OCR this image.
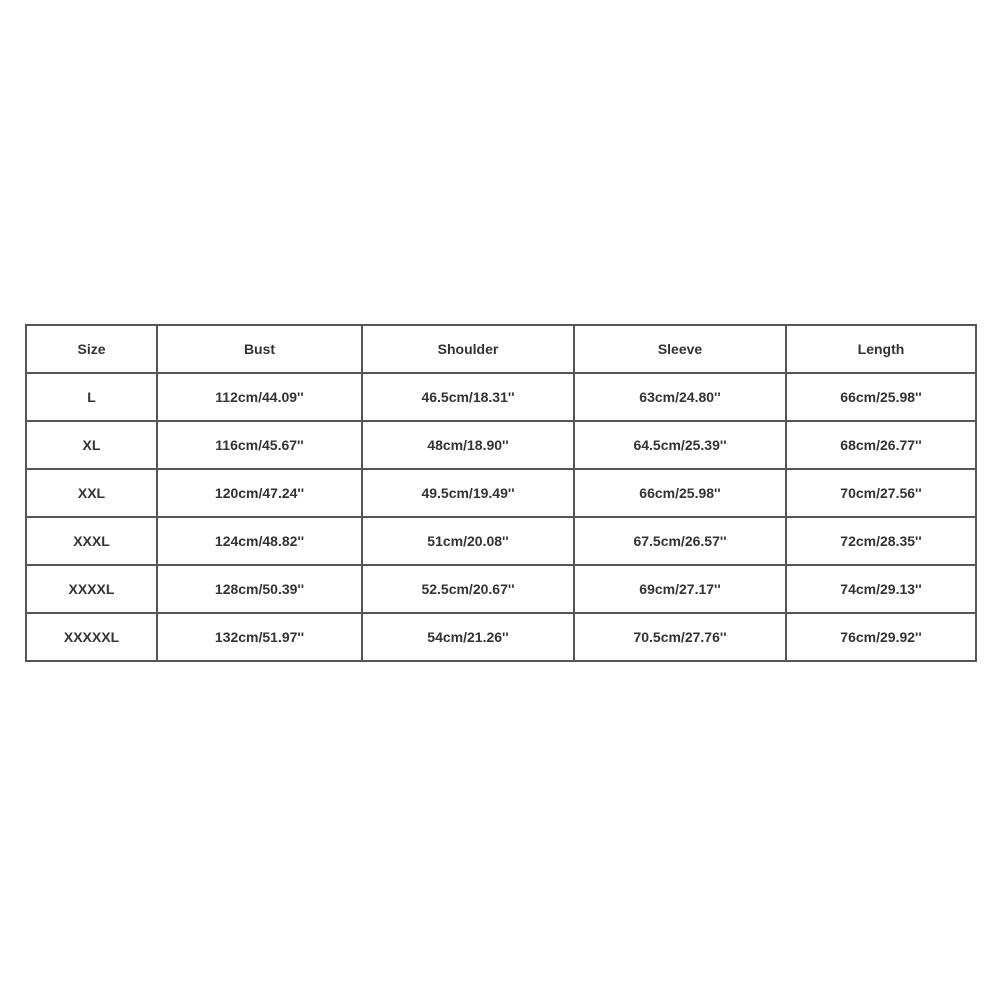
Size	Bust	Shoulder	Sleeve	Length
L	112cm/44.09''	46.5cm/18.31''	63cm/24.80''	66cm/25.98''
XL	116cm/45.67''	48cm/18.90''	64.5cm/25.39''	68cm/26.77''
XXL	120cm/47.24''	49.5cm/19.49''	66cm/25.98''	70cm/27.56''
XXXL	124cm/48.82''	51cm/20.08''	67.5cm/26.57''	72cm/28.35''
XXXXL	128cm/50.39''	52.5cm/20.67''	69cm/27.17''	74cm/29.13''
XXXXXL	132cm/51.97''	54cm/21.26''	70.5cm/27.76''	76cm/29.92''
